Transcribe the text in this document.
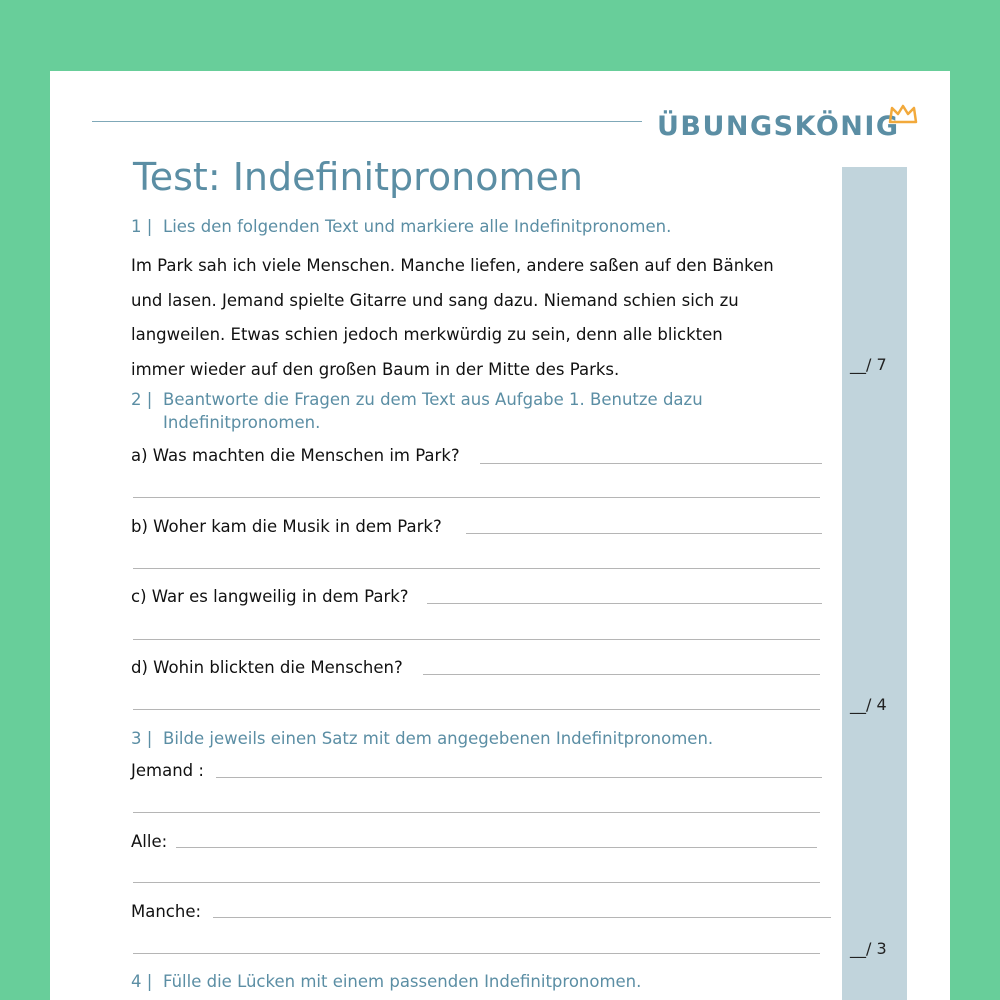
ÜBUNGSKÖNIG
Test: Indefinitpronomen
__/ 7
__/ 4
__/ 3
1 | Lies den folgenden Text und markiere alle Indefinitpronomen.
Im Park sah ich viele Menschen. Manche liefen, andere saßen auf den Bänken
und lasen. Jemand spielte Gitarre und sang dazu. Niemand schien sich zu
langweilen. Etwas schien jedoch merkwürdig zu sein, denn alle blickten
immer wieder auf den großen Baum in der Mitte des Parks.
2 | Beantworte die Fragen zu dem Text aus Aufgabe 1. Benutze dazu Indefinitpronomen.
a) Was machten die Menschen im Park?
b) Woher kam die Musik in dem Park?
c) War es langweilig in dem Park?
d) Wohin blickten die Menschen?
3 | Bilde jeweils einen Satz mit dem angegebenen Indefinitpronomen.
Jemand :
Alle:
Manche:
4 | Fülle die Lücken mit einem passenden Indefinitpronomen.
